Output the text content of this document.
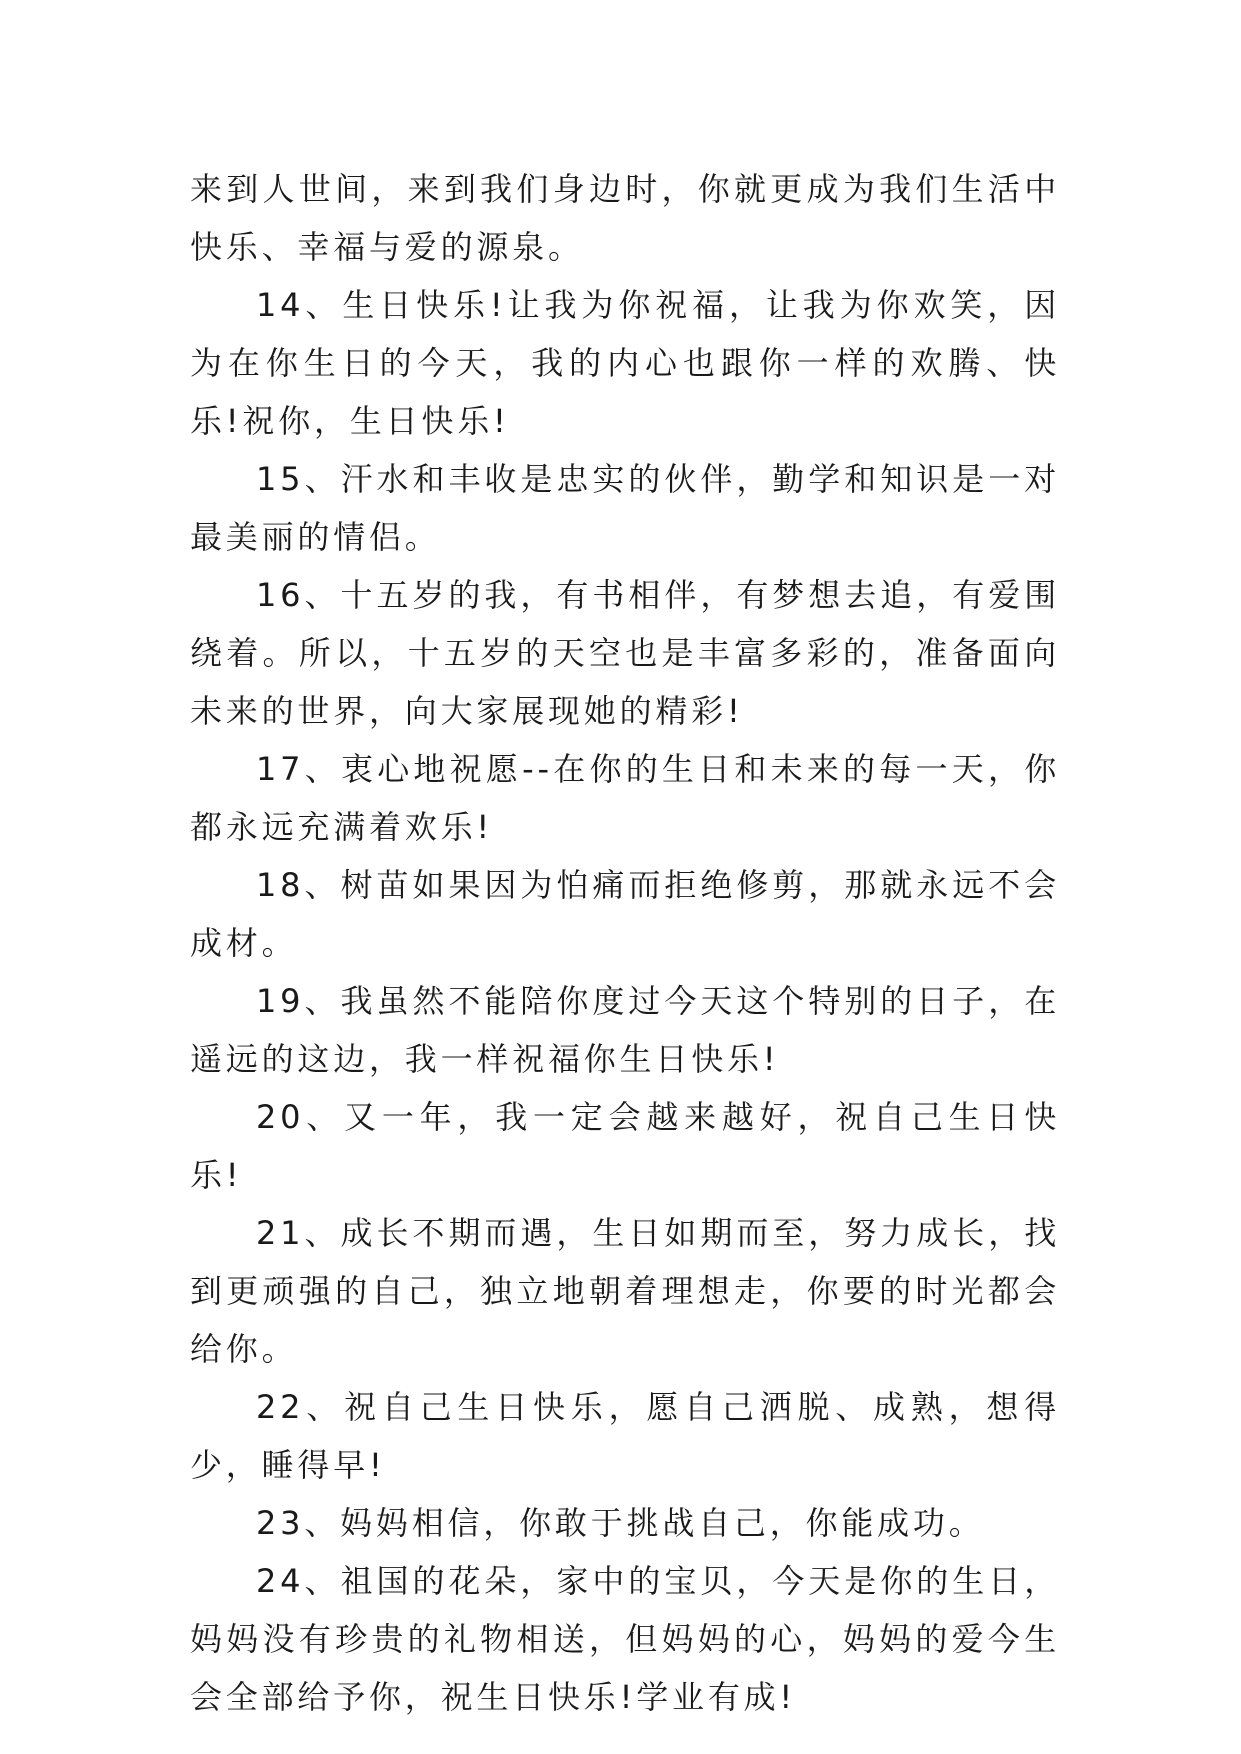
来到人世间，来到我们身边时，你就更成为我们生活中快乐、幸福与爱的源泉。

14、生日快乐!让我为你祝福，让我为你欢笑，因为在你生日的今天，我的内心也跟你一样的欢腾、快乐!祝你，生日快乐!

15、汗水和丰收是忠实的伙伴，勤学和知识是一对最美丽的情侣。

16、十五岁的我，有书相伴，有梦想去追，有爱围绕着。所以，十五岁的天空也是丰富多彩的，准备面向未来的世界，向大家展现她的精彩!

17、衷心地祝愿--在你的生日和未来的每一天，你都永远充满着欢乐!

18、树苗如果因为怕痛而拒绝修剪，那就永远不会成材。

19、我虽然不能陪你度过今天这个特别的日子，在遥远的这边，我一样祝福你生日快乐!

20、又一年，我一定会越来越好，祝自己生日快乐!

21、成长不期而遇，生日如期而至，努力成长，找到更顽强的自己，独立地朝着理想走，你要的时光都会给你。

22、祝自己生日快乐，愿自己洒脱、成熟，想得少，睡得早!

23、妈妈相信，你敢于挑战自己，你能成功。

24、祖国的花朵，家中的宝贝，今天是你的生日，妈妈没有珍贵的礼物相送，但妈妈的心，妈妈的爱今生会全部给予你，祝生日快乐!学业有成!
